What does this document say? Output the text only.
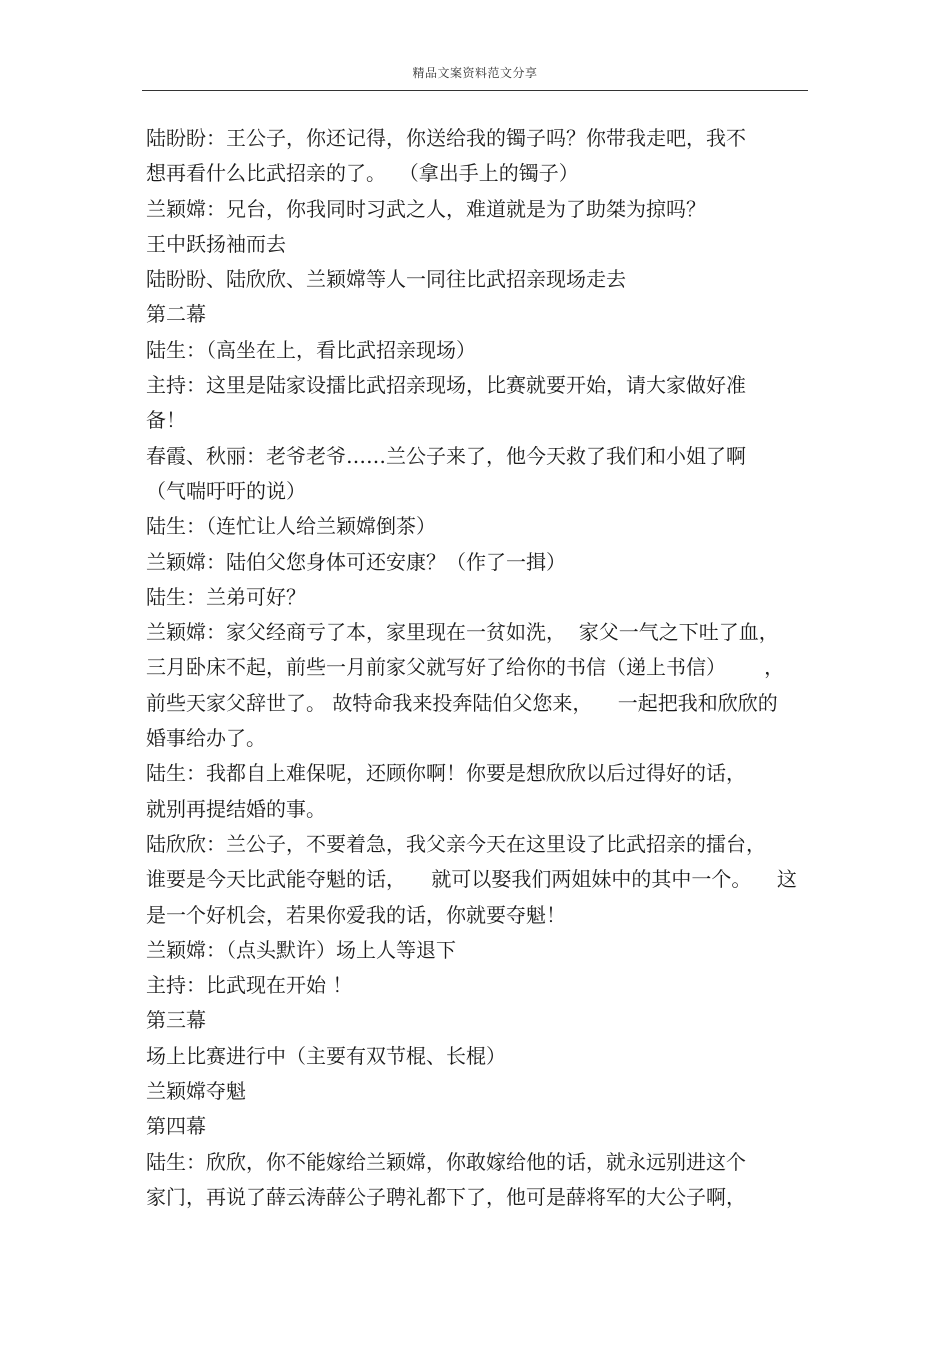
精品文案资料范文分享
陆盼盼：王公子，你还记得，你送给我的镯子吗？你带我走吧，我不
想再看什么比武招亲的了。  （拿出手上的镯子）
兰颖嫦：兄台，你我同时习武之人，难道就是为了助桀为掠吗？
王中跃扬袖而去
陆盼盼、陆欣欣、兰颖嫦等人一同往比武招亲现场走去
第二幕
陆生：（高坐在上，看比武招亲现场）
主持：这里是陆家设擂比武招亲现场，比赛就要开始，请大家做好准
备！
春霞、秋丽：老爷老爷……兰公子来了，他今天救了我们和小姐了啊
（气喘吁吁的说）
陆生：（连忙让人给兰颖嫦倒茶）
兰颖嫦：陆伯父您身体可还安康？（作了一揖）
陆生：兰弟可好？
兰颖嫦：家父经商亏了本，家里现在一贫如洗，  家父一气之下吐了血，
三月卧床不起，前些一月前家父就写好了给你的书信（递上书信）      ，
前些天家父辞世了。 故特命我来投奔陆伯父您来，    一起把我和欣欣的
婚事给办了。
陆生：我都自上难保呢，还顾你啊！你要是想欣欣以后过得好的话，
就别再提结婚的事。
陆欣欣：兰公子，不要着急，我父亲今天在这里设了比武招亲的擂台，
谁要是今天比武能夺魁的话，    就可以娶我们两姐妹中的其中一个。    这
是一个好机会，若果你爱我的话，你就要夺魁！
兰颖嫦：（点头默许）场上人等退下
主持：比武现在开始 ！
第三幕
场上比赛进行中（主要有双节棍、长棍）
兰颖嫦夺魁
第四幕
陆生：欣欣，你不能嫁给兰颖嫦，你敢嫁给他的话，就永远别进这个
家门，再说了薛云涛薛公子聘礼都下了，他可是薛将军的大公子啊，
